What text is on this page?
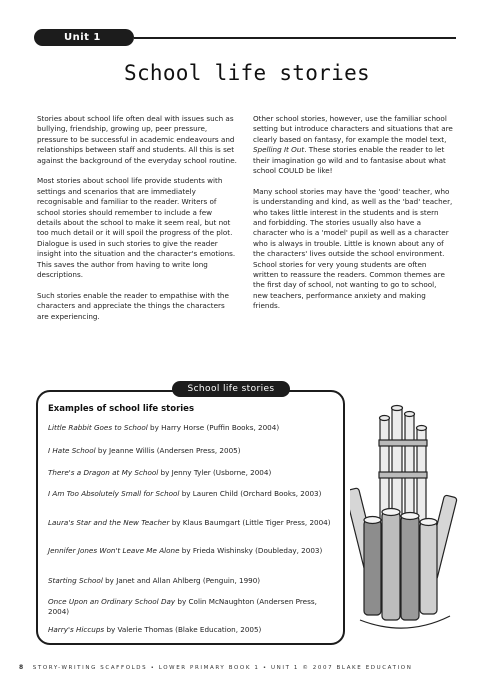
Unit 1
School life stories

Stories about school life often deal with issues such as bullying, friendship, growing up, peer pressure, pressure to be successful in academic endeavours and relationships between staff and students. All this is set against the background of the everyday school routine.

Most stories about school life provide students with settings and scenarios that are immediately recognisable and familiar to the reader. Writers of school stories should remember to include a few details about the school to make it seem real, but not too much detail or it will spoil the progress of the plot. Dialogue is used in such stories to give the reader insight into the situation and the character's emotions. This saves the author from having to write long descriptions.

Such stories enable the reader to empathise with the characters and appreciate the things the characters are experiencing.

Other school stories, however, use the familiar school setting but introduce characters and situations that are clearly based on fantasy, for example the model text, Spelling It Out. These stories enable the reader to let their imagination go wild and to fantasise about what school COULD be like!

Many school stories may have the 'good' teacher, who is understanding and kind, as well as the 'bad' teacher, who takes little interest in the students and is stern and forbidding. The stories usually also have a character who is a 'model' pupil as well as a character who is always in trouble. Little is known about any of the characters' lives outside the school environment. School stories for very young students are often written to reassure the readers. Common themes are the first day of school, not wanting to go to school, new teachers, performance anxiety and making friends.

School life stories
Examples of school life stories
Little Rabbit Goes to School by Harry Horse (Puffin Books, 2004)
I Hate School by Jeanne Willis (Andersen Press, 2005)
There's a Dragon at My School by Jenny Tyler (Usborne, 2004)
I Am Too Absolutely Small for School by Lauren Child (Orchard Books, 2003)
Laura's Star and the New Teacher by Klaus Baumgart (Little Tiger Press, 2004)
Jennifer Jones Won't Leave Me Alone by Frieda Wishinsky (Doubleday, 2003)
Starting School by Janet and Allan Ahlberg (Penguin, 1990)
Once Upon an Ordinary School Day by Colin McNaughton (Andersen Press, 2004)
Harry's Hiccups by Valerie Thomas (Blake Education, 2005)
8 STORY-WRITING SCAFFOLDS • LOWER PRIMARY BOOK 1 • UNIT 1 © 2007 BLAKE EDUCATION
